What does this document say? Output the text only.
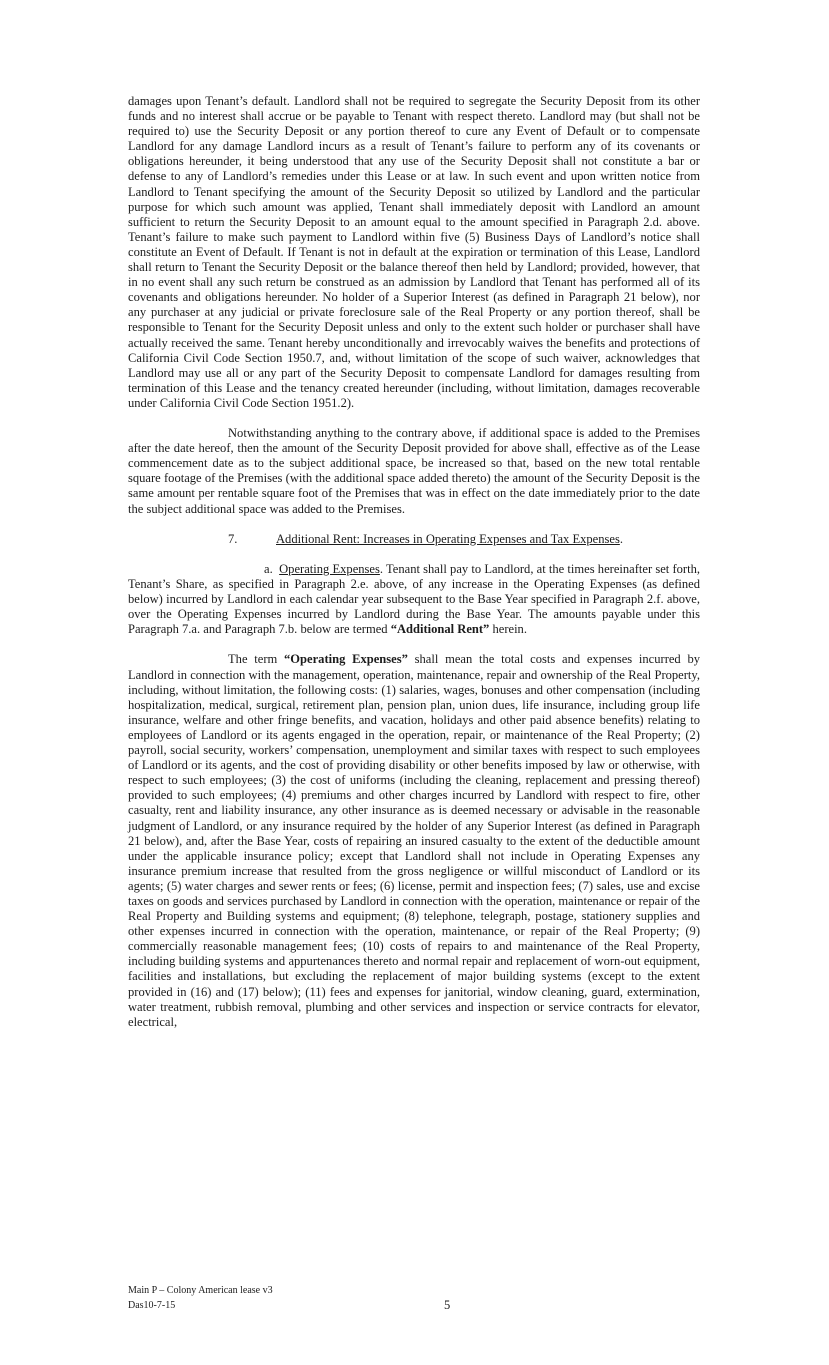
damages upon Tenant’s default. Landlord shall not be required to segregate the Security Deposit from its other funds and no interest shall accrue or be payable to Tenant with respect thereto. Landlord may (but shall not be required to) use the Security Deposit or any portion thereof to cure any Event of Default or to compensate Landlord for any damage Landlord incurs as a result of Tenant’s failure to perform any of its covenants or obligations hereunder, it being understood that any use of the Security Deposit shall not constitute a bar or defense to any of Landlord’s remedies under this Lease or at law. In such event and upon written notice from Landlord to Tenant specifying the amount of the Security Deposit so utilized by Landlord and the particular purpose for which such amount was applied, Tenant shall immediately deposit with Landlord an amount sufficient to return the Security Deposit to an amount equal to the amount specified in Paragraph 2.d. above. Tenant’s failure to make such payment to Landlord within five (5) Business Days of Landlord’s notice shall constitute an Event of Default. If Tenant is not in default at the expiration or termination of this Lease, Landlord shall return to Tenant the Security Deposit or the balance thereof then held by Landlord; provided, however, that in no event shall any such return be construed as an admission by Landlord that Tenant has performed all of its covenants and obligations hereunder. No holder of a Superior Interest (as defined in Paragraph 21 below), nor any purchaser at any judicial or private foreclosure sale of the Real Property or any portion thereof, shall be responsible to Tenant for the Security Deposit unless and only to the extent such holder or purchaser shall have actually received the same. Tenant hereby unconditionally and irrevocably waives the benefits and protections of California Civil Code Section 1950.7, and, without limitation of the scope of such waiver, acknowledges that Landlord may use all or any part of the Security Deposit to compensate Landlord for damages resulting from termination of this Lease and the tenancy created hereunder (including, without limitation, damages recoverable under California Civil Code Section 1951.2).

Notwithstanding anything to the contrary above, if additional space is added to the Premises after the date hereof, then the amount of the Security Deposit provided for above shall, effective as of the Lease commencement date as to the subject additional space, be increased so that, based on the new total rentable square footage of the Premises (with the additional space added thereto) the amount of the Security Deposit is the same amount per rentable square foot of the Premises that was in effect on the date immediately prior to the date the subject additional space was added to the Premises.

7.	Additional Rent: Increases in Operating Expenses and Tax Expenses.

a. Operating Expenses. Tenant shall pay to Landlord, at the times hereinafter set forth, Tenant’s Share, as specified in Paragraph 2.e. above, of any increase in the Operating Expenses (as defined below) incurred by Landlord in each calendar year subsequent to the Base Year specified in Paragraph 2.f. above, over the Operating Expenses incurred by Landlord during the Base Year. The amounts payable under this Paragraph 7.a. and Paragraph 7.b. below are termed “Additional Rent” herein.

The term “Operating Expenses” shall mean the total costs and expenses incurred by Landlord in connection with the management, operation, maintenance, repair and ownership of the Real Property, including, without limitation, the following costs: (1) salaries, wages, bonuses and other compensation (including hospitalization, medical, surgical, retirement plan, pension plan, union dues, life insurance, including group life insurance, welfare and other fringe benefits, and vacation, holidays and other paid absence benefits) relating to employees of Landlord or its agents engaged in the operation, repair, or maintenance of the Real Property; (2) payroll, social security, workers’ compensation, unemployment and similar taxes with respect to such employees of Landlord or its agents, and the cost of providing disability or other benefits imposed by law or otherwise, with respect to such employees; (3) the cost of uniforms (including the cleaning, replacement and pressing thereof) provided to such employees; (4) premiums and other charges incurred by Landlord with respect to fire, other casualty, rent and liability insurance, any other insurance as is deemed necessary or advisable in the reasonable judgment of Landlord, or any insurance required by the holder of any Superior Interest (as defined in Paragraph 21 below), and, after the Base Year, costs of repairing an insured casualty to the extent of the deductible amount under the applicable insurance policy; except that Landlord shall not include in Operating Expenses any insurance premium increase that resulted from the gross negligence or willful misconduct of Landlord or its agents; (5) water charges and sewer rents or fees; (6) license, permit and inspection fees; (7) sales, use and excise taxes on goods and services purchased by Landlord in connection with the operation, maintenance or repair of the Real Property and Building systems and equipment; (8) telephone, telegraph, postage, stationery supplies and other expenses incurred in connection with the operation, maintenance, or repair of the Real Property; (9) commercially reasonable management fees; (10) costs of repairs to and maintenance of the Real Property, including building systems and appurtenances thereto and normal repair and replacement of worn-out equipment, facilities and installations, but excluding the replacement of major building systems (except to the extent provided in (16) and (17) below); (11) fees and expenses for janitorial, window cleaning, guard, extermination, water treatment, rubbish removal, plumbing and other services and inspection or service contracts for elevator, electrical,

Main P – Colony American lease v3
Das10-7-15	5
